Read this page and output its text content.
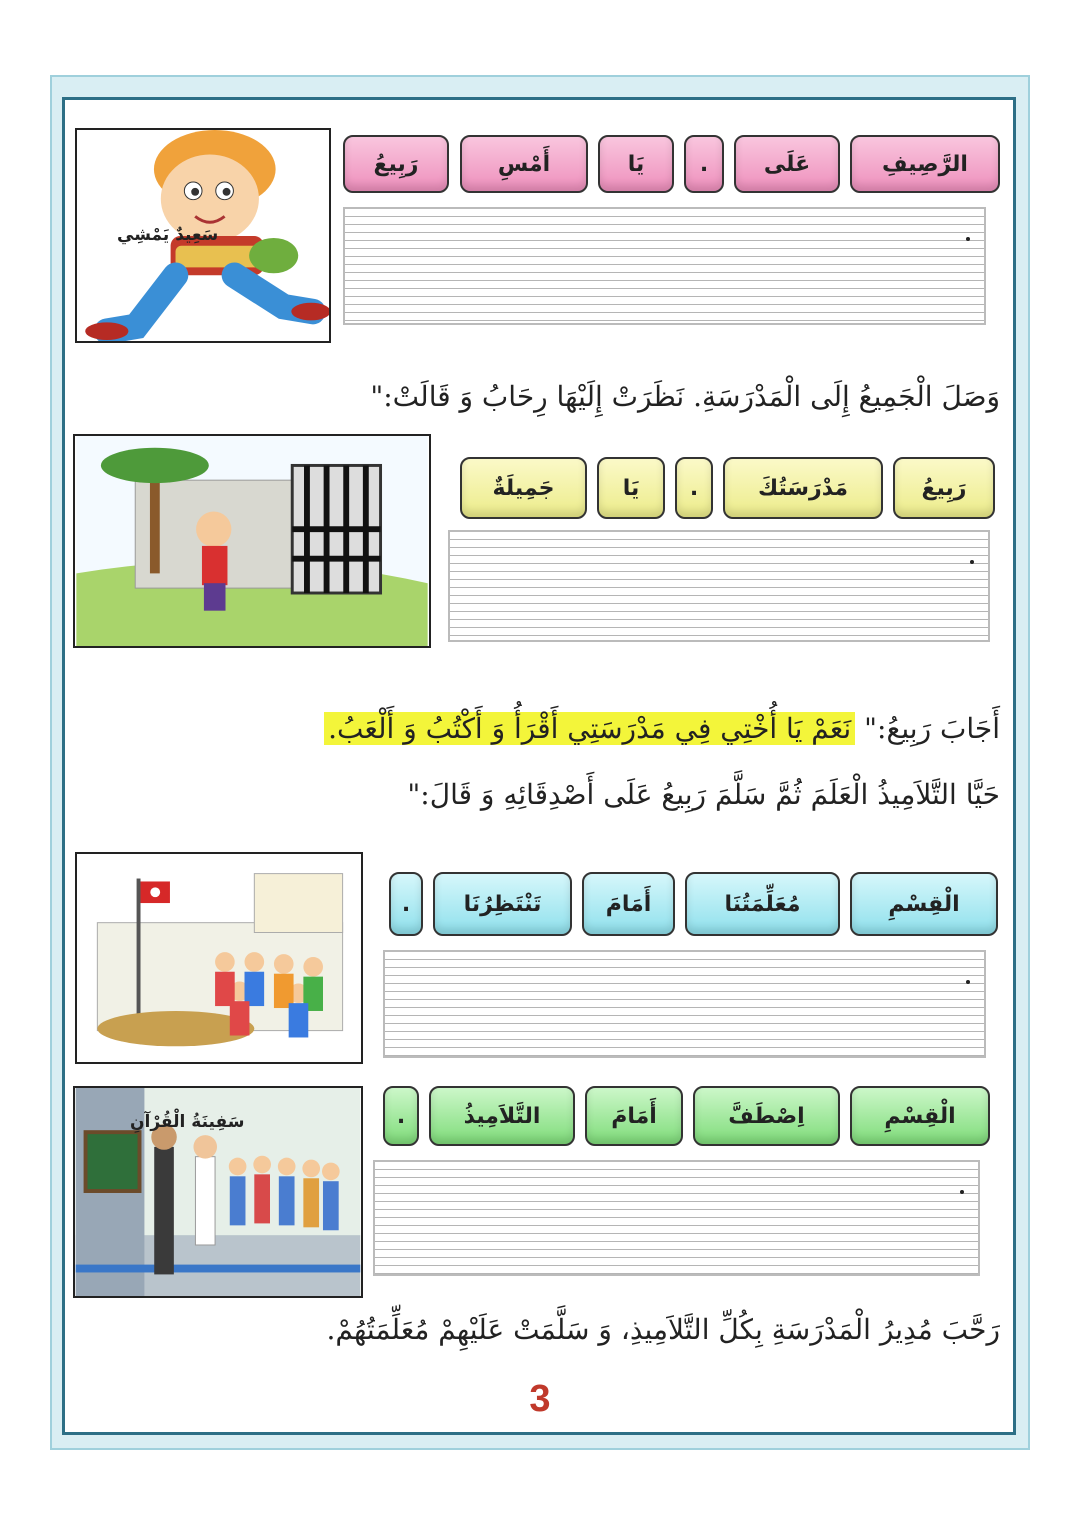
سَعِيدٌ يَمْشِي
الرَّصِيفِ
عَلَى
.
يَا
أَمْسِ
رَبِيعُ
وَصَلَ الْجَمِيعُ إِلَى الْمَدْرَسَةِ. نَظَرَتْ إِلَيْهَا رِحَابُ وَ قَالَتْ:"
رَبِيعُ
مَدْرَسَتُكَ
.
يَا
جَمِيلَةٌ
أَجَابَ رَبِيعُ:" نَعَمْ يَا أُخْتِي فِي مَدْرَسَتِي أَقْرَأُ وَ أَكْتُبُ وَ أَلْعَبُ.
حَيَّا التَّلاَمِيذُ الْعَلَمَ ثُمَّ سَلَّمَ رَبِيعُ عَلَى أَصْدِقَائِهِ وَ قَالَ:"
الْقِسْمِ
مُعَلِّمَتُنَا
أَمَامَ
تَنْتَظِرُنَا
.
سَفِينَةُ الْقُرْآنِ	الْقِسْمِ
اِصْطَفَّ
أَمَامَ
التَّلاَمِيذُ
.
رَحَّبَ مُدِيرُ الْمَدْرَسَةِ بِكُلِّ التَّلاَمِيذِ، وَ سَلَّمَتْ عَلَيْهِمْ مُعَلِّمَتُهُمْ.
3
